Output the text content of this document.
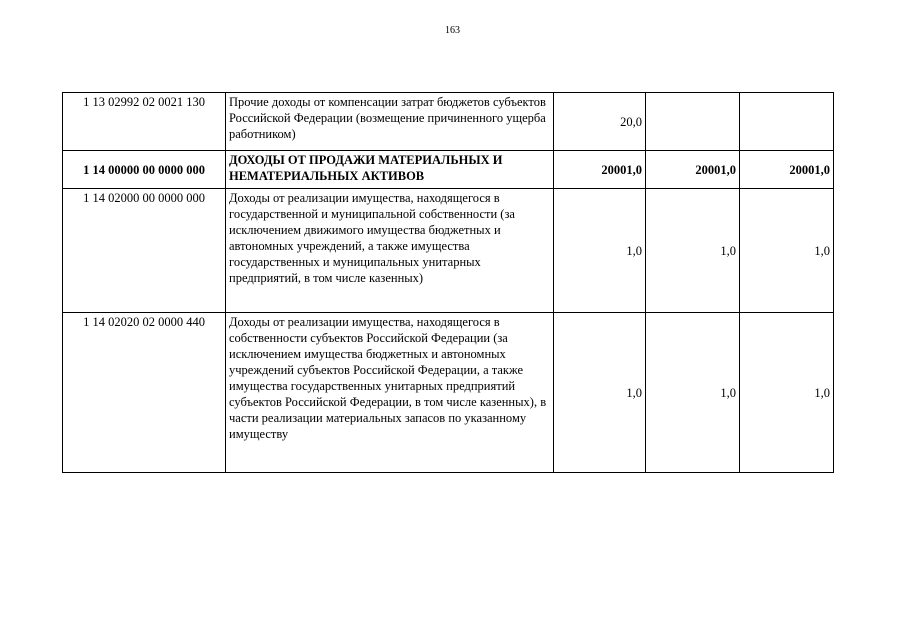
163
1 13 02992 02 0021 130	Прочие доходы от компенсации затрат бюджетов субъектов Российской Федерации (возмещение причиненного ущерба работником)	20,0		
1 14 00000 00 0000 000	ДОХОДЫ ОТ ПРОДАЖИ МАТЕРИАЛЬНЫХ И НЕМАТЕРИАЛЬНЫХ АКТИВОВ	20001,0	20001,0	20001,0
1 14 02000 00 0000 000	Доходы от реализации имущества, находящегося в государственной и муниципальной собственности (за исключением движимого имущества бюджетных и автономных учреждений, а также имущества государственных и муниципальных унитарных предприятий, в том числе казенных)	1,0	1,0	1,0
1 14 02020 02 0000 440	Доходы от реализации имущества, находящегося в собственности субъектов Российской Федерации (за исключением имущества бюджетных и автономных учреждений субъектов Российской Федерации, а также имущества государственных унитарных предприятий субъектов Российской Федерации, в том числе казенных), в части реализации материальных запасов по указанному имуществу	1,0	1,0	1,0
